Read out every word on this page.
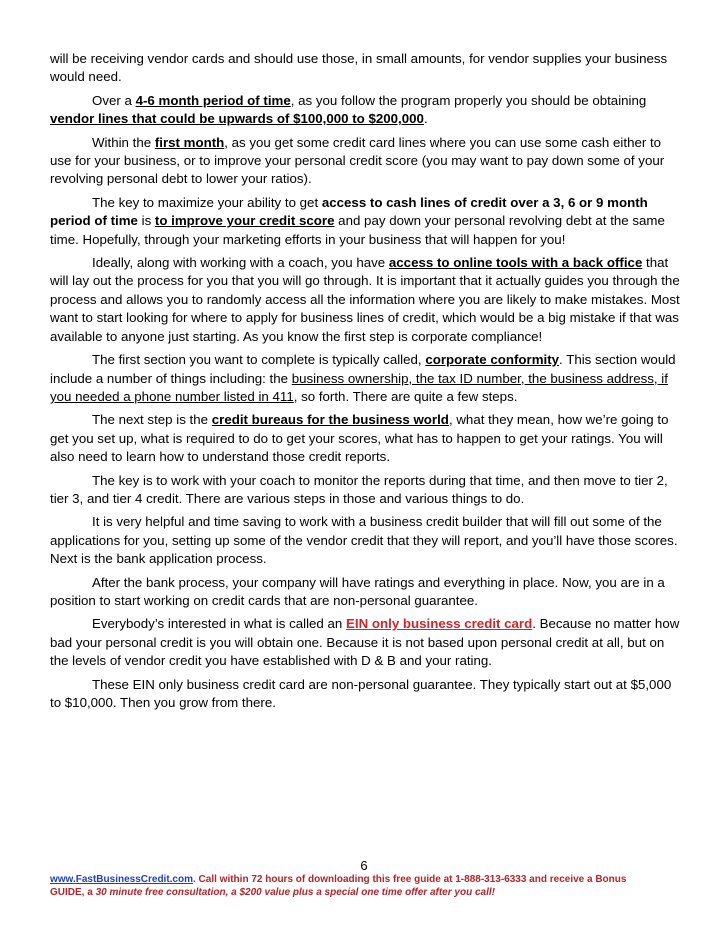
will be receiving vendor cards and should use those, in small amounts, for vendor supplies your business would need.

Over a 4-6 month period of time, as you follow the program properly you should be obtaining vendor lines that could be upwards of $100,000 to $200,000.

Within the first month, as you get some credit card lines where you can use some cash either to use for your business, or to improve your personal credit score (you may want to pay down some of your revolving personal debt to lower your ratios).

The key to maximize your ability to get access to cash lines of credit over a 3, 6 or 9 month period of time is to improve your credit score and pay down your personal revolving debt at the same time. Hopefully, through your marketing efforts in your business that will happen for you!

Ideally, along with working with a coach, you have access to online tools with a back office that will lay out the process for you that you will go through. It is important that it actually guides you through the process and allows you to randomly access all the information where you are likely to make mistakes. Most want to start looking for where to apply for business lines of credit, which would be a big mistake if that was available to anyone just starting. As you know the first step is corporate compliance!

The first section you want to complete is typically called, corporate conformity. This section would include a number of things including: the business ownership, the tax ID number, the business address, if you needed a phone number listed in 411, so forth. There are quite a few steps.

The next step is the credit bureaus for the business world, what they mean, how we’re going to get you set up, what is required to do to get your scores, what has to happen to get your ratings. You will also need to learn how to understand those credit reports.

The key is to work with your coach to monitor the reports during that time, and then move to tier 2, tier 3, and tier 4 credit. There are various steps in those and various things to do.

It is very helpful and time saving to work with a business credit builder that will fill out some of the applications for you, setting up some of the vendor credit that they will report, and you’ll have those scores. Next is the bank application process.

After the bank process, your company will have ratings and everything in place. Now, you are in a position to start working on credit cards that are non-personal guarantee.

Everybody’s interested in what is called an EIN only business credit card. Because no matter how bad your personal credit is you will obtain one. Because it is not based upon personal credit at all, but on the levels of vendor credit you have established with D & B and your rating.

These EIN only business credit card are non-personal guarantee. They typically start out at $5,000 to $10,000. Then you grow from there.

6
www.FastBusinessCredit.com. Call within 72 hours of downloading this free guide at 1-888-313-6333 and receive a Bonus
GUIDE, a 30 minute free consultation, a $200 value plus a special one time offer after you call!
